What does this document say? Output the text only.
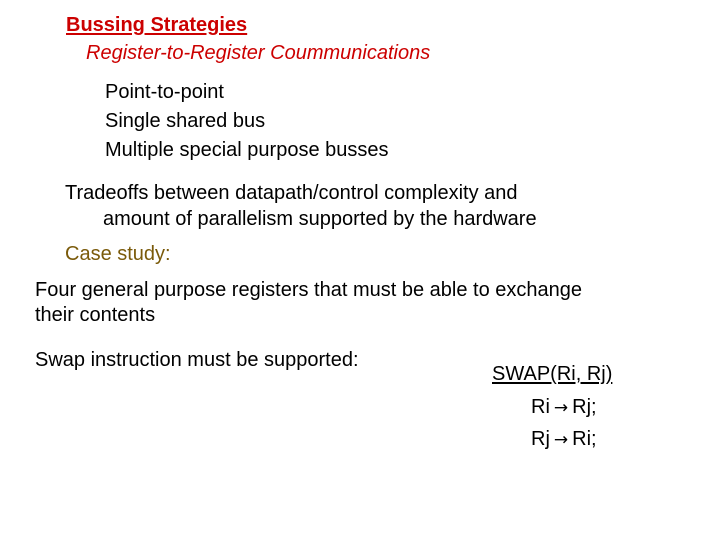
Bussing Strategies
Register-to-Register Coummunications
Point-to-point
Single shared bus
Multiple special purpose busses
Tradeoffs between datapath/control complexity and
amount of parallelism supported by the hardware
Case study:
Four general purpose registers that must be able to exchange
their contents
Swap instruction must be supported:
SWAP(Ri, Rj)
Ri → Rj;
Rj → Ri;
